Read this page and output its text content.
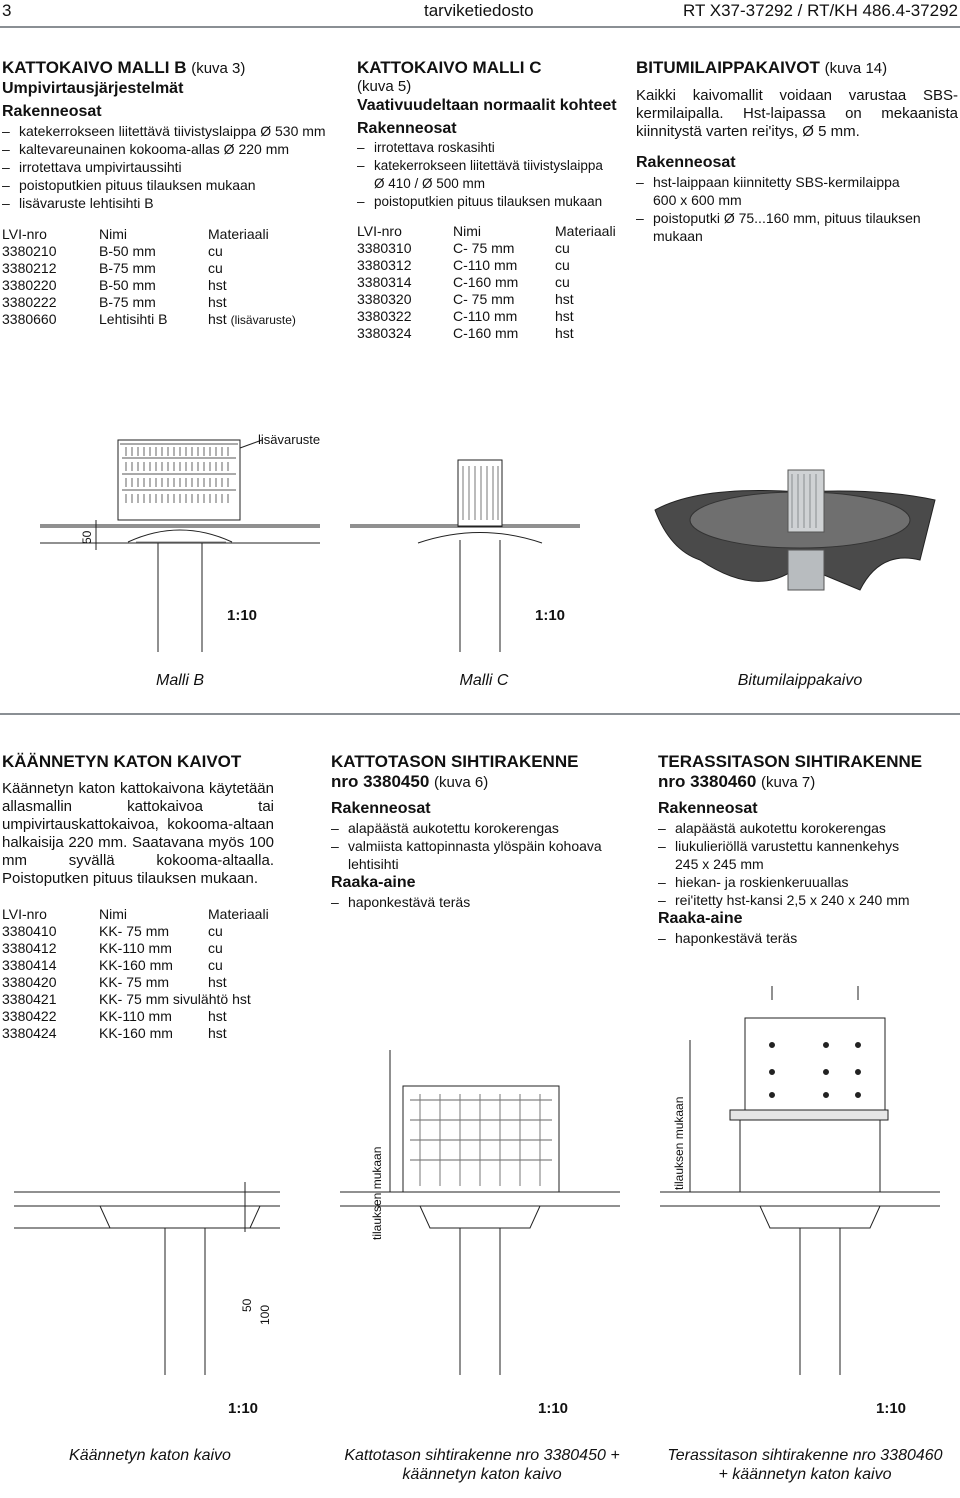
3	tarviketiedosto	RT X37-37292 / RT/KH 486.4-37292
KATTOKAIVO MALLI B (kuva 3)
Umpivirtausjärjestelmät
Rakenneosat
– katekerrokseen liitettävä tiivistyslaippa Ø 530 mm
– kaltevareunainen kokooma-allas Ø 220 mm
– irrotettava umpivirtaussihti
– poistoputkien pituus tilauksen mukaan
– lisävaruste lehtisihti B
LVI-nro	Nimi	Materiaali
3380210	B-50 mm	cu
3380212	B-75 mm	cu
3380220	B-50 mm	hst
3380222	B-75 mm	hst
3380660	Lehtisihti B	hst (lisävaruste)
KATTOKAIVO MALLI C
(kuva 5)
Vaativuudeltaan normaalit kohteet
Rakenneosat
– irrotettava roskasihti
– katekerrokseen liitettävä tiivistyslaippa
Ø 410 / Ø 500 mm
– poistoputkien pituus tilauksen mukaan
LVI-nro	Nimi	Materiaali
3380310	C- 75 mm	cu
3380312	C-110 mm	cu
3380314	C-160 mm	cu
3380320	C- 75 mm	hst
3380322	C-110 mm	hst
3380324	C-160 mm	hst
BITUMILAIPPAKAIVOT (kuva 14)

Kaikki kaivomallit voidaan varustaa SBS-kermilaipalla. Hst-laipassa on mekaanista kiinnitystä varten rei'itys, Ø 5 mm.

Rakenneosat
– hst-laippaan kiinnitetty SBS-kermilaippa
600 x 600 mm
– poistoputki Ø 75...160 mm, pituus tilauksen mukaan
lisävaruste
50
1:10	1:10
Malli B	Malli C	Bitumilaippakaivo
KÄÄNNETYN KATON KAIVOT

Käännetyn katon kattokaivona käytetään allasmallin kattokaivoa tai umpivirtauskattokaivoa, kokooma-altaan halkaisija 220 mm. Saatavana myös 100 mm syvällä kokooma-altaalla. Poistoputken pituus tilauksen mukaan.

LVI-nro	Nimi	Materiaali
3380410	KK- 75 mm	cu
3380412	KK-110 mm	cu
3380414	KK-160 mm	cu
3380420	KK- 75 mm	hst
3380421	KK- 75 mm sivulähtö hst	
3380422	KK-110 mm	hst
3380424	KK-160 mm	hst
KATTOTASON SIHTIRAKENNE
nro 3380450 (kuva 6)
Rakenneosat
– alapäästä aukotettu korokerengas
– valmiista kattopinnasta ylöspäin kohoava lehtisihti
Raaka-aine
– haponkestävä teräs
TERASSITASON SIHTIRAKENNE
nro 3380460 (kuva 7)
Rakenneosat
– alapäästä aukotettu korokerengas
– liukulieriöllä varustettu kannenkehys
245 x 245 mm
– hiekan- ja roskienkeruuallas
– rei'itetty hst-kansi 2,5 x 240 x 240 mm
Raaka-aine
– haponkestävä teräs
tilauksen mukaan
tilauksen mukaan
50 100
1:10	1:10	1:10
Käännetyn katon kaivo	Kattotason sihtirakenne nro 3380450 +
käännetyn katon kaivo
Terassitason sihtirakenne nro 3380460
+ käännetyn katon kaivo
